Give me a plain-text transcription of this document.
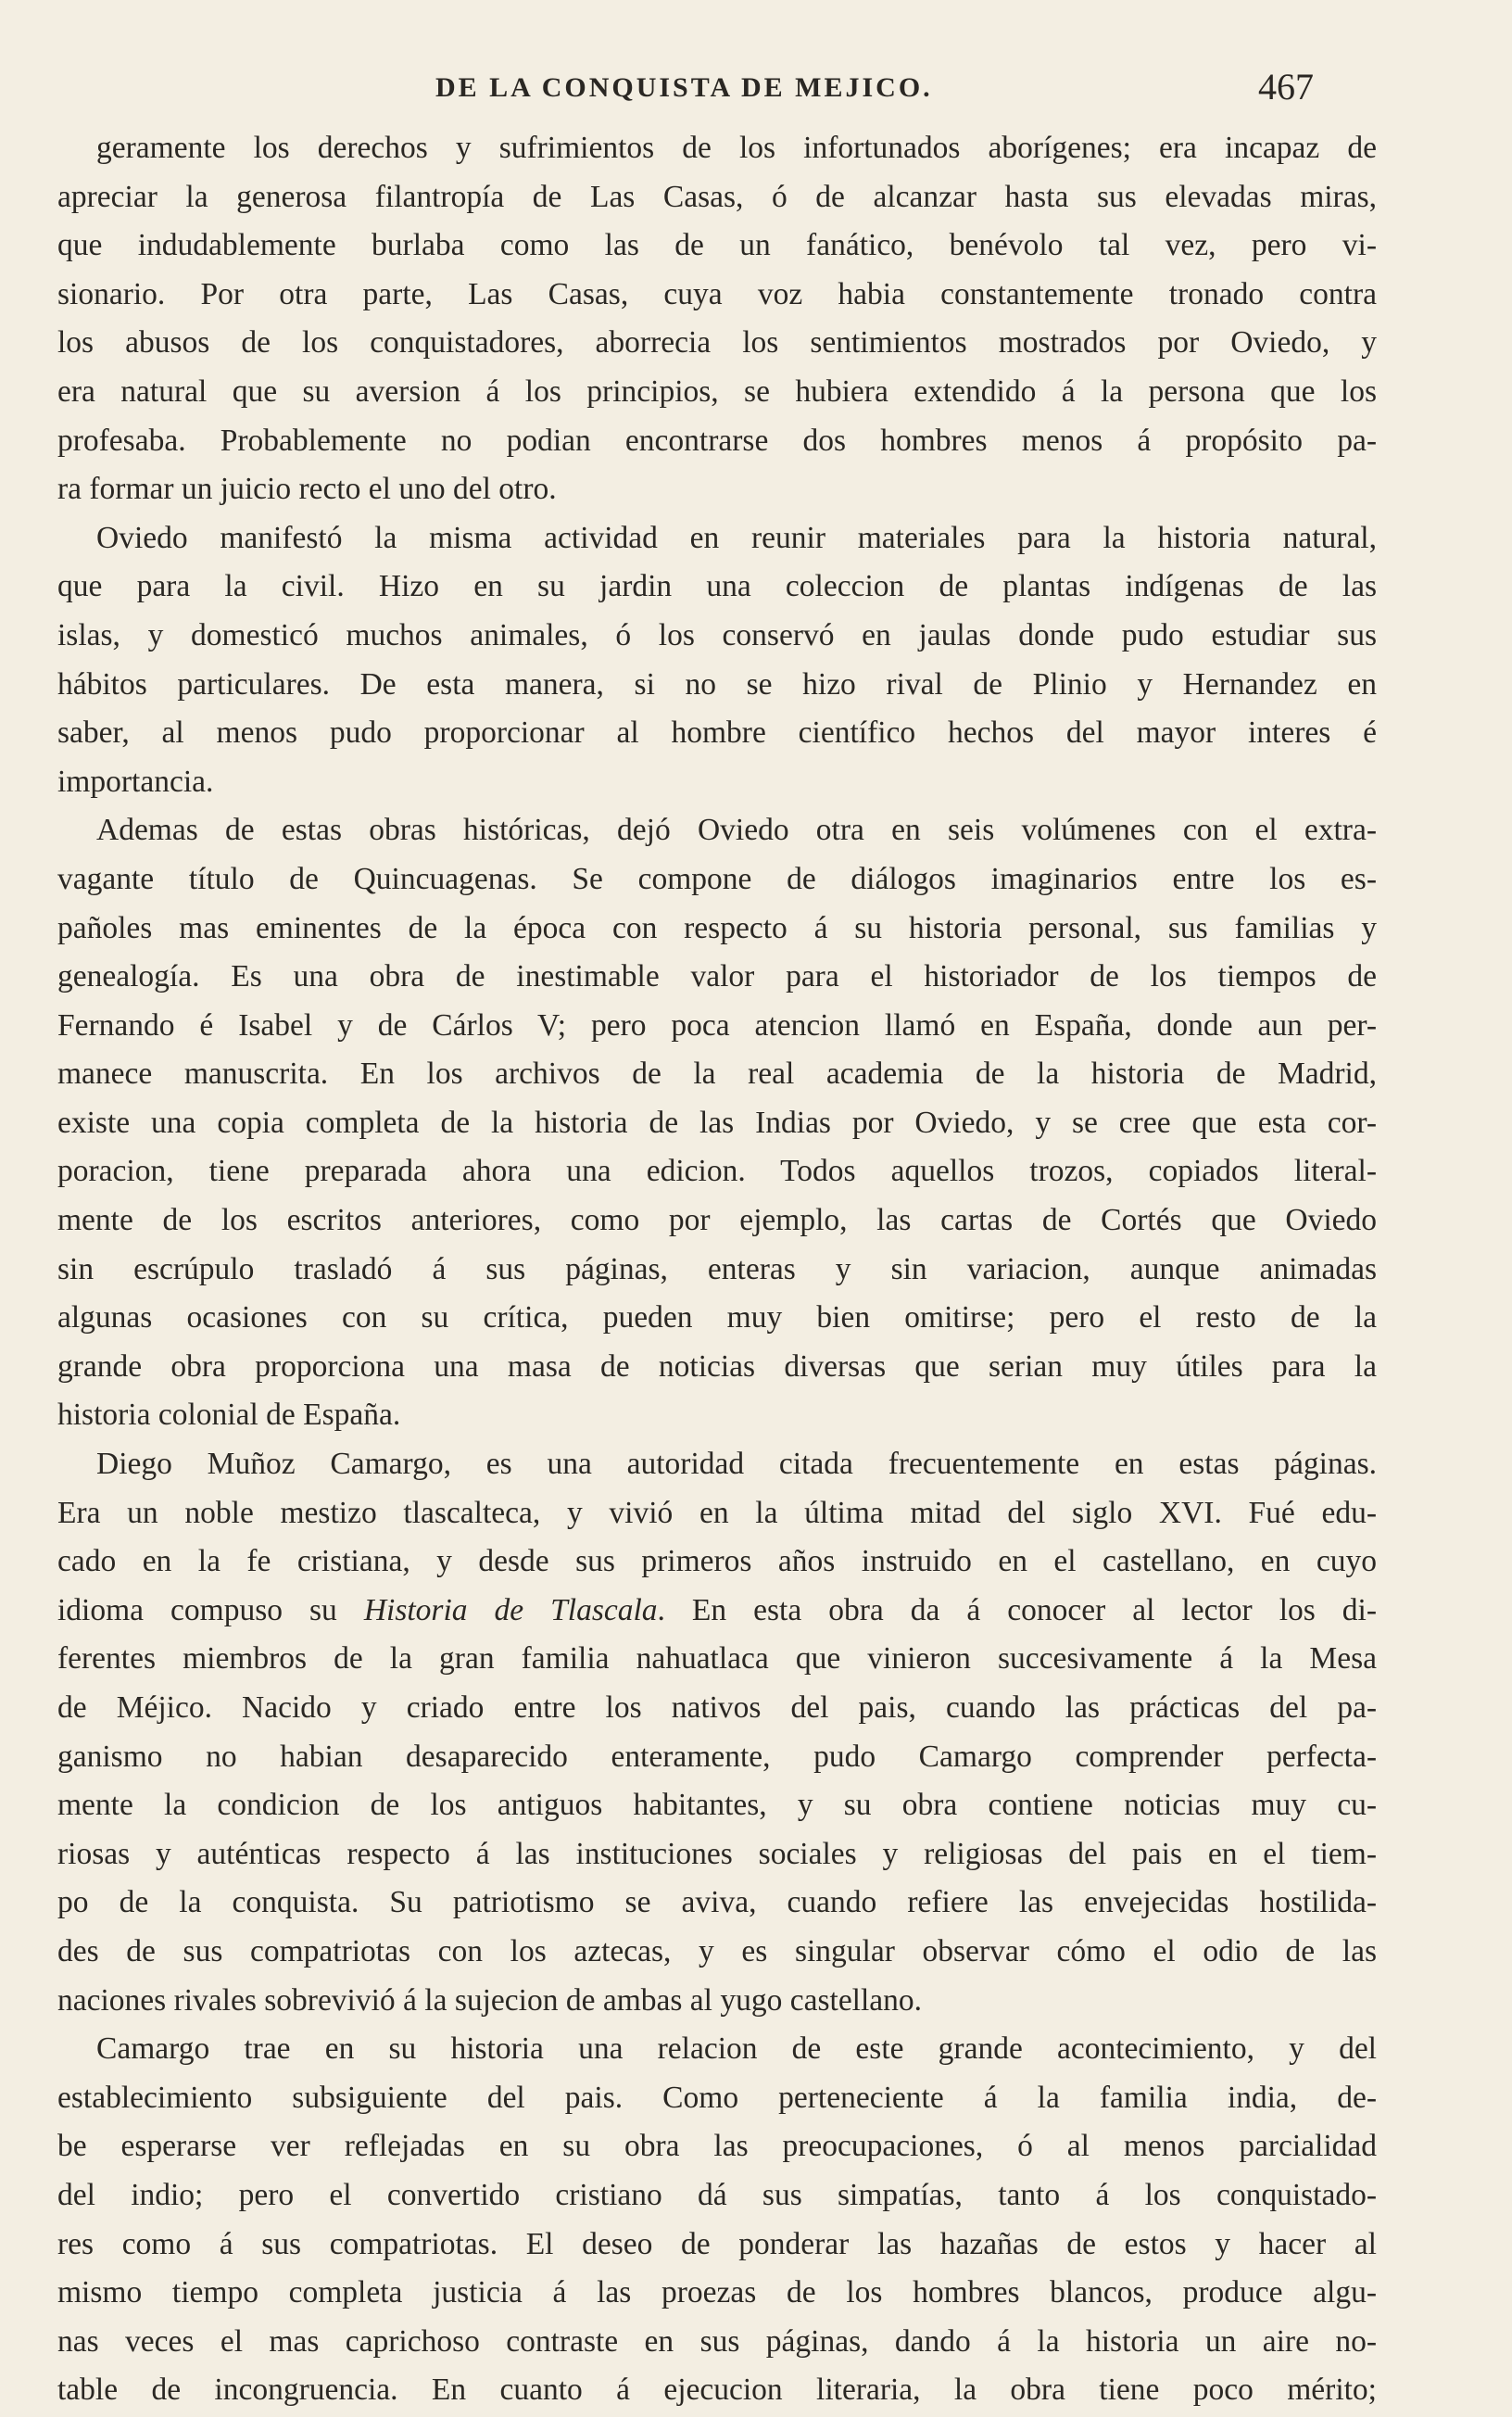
DE LA CONQUISTA DE MEJICO.	467
geramente los derechos y sufrimientos de los infortunados aborígenes; era incapaz de
apreciar la generosa filantropía de Las Casas, ó de alcanzar hasta sus elevadas miras,
que indudablemente burlaba como las de un fanático, benévolo tal vez, pero vi-
sionario. Por otra parte, Las Casas, cuya voz habia constantemente tronado contra
los abusos de los conquistadores, aborrecia los sentimientos mostrados por Oviedo, y
era natural que su aversion á los principios, se hubiera extendido á la persona que los
profesaba. Probablemente no podian encontrarse dos hombres menos á propósito pa-
ra formar un juicio recto el uno del otro.
Oviedo manifestó la misma actividad en reunir materiales para la historia natural,
que para la civil. Hizo en su jardin una coleccion de plantas indígenas de las
islas, y domesticó muchos animales, ó los conservó en jaulas donde pudo estudiar sus
hábitos particulares. De esta manera, si no se hizo rival de Plinio y Hernandez en
saber, al menos pudo proporcionar al hombre científico hechos del mayor interes é
importancia.
Ademas de estas obras históricas, dejó Oviedo otra en seis volúmenes con el extra-
vagante título de Quincuagenas. Se compone de diálogos imaginarios entre los es-
pañoles mas eminentes de la época con respecto á su historia personal, sus familias y
genealogía. Es una obra de inestimable valor para el historiador de los tiempos de
Fernando é Isabel y de Cárlos V; pero poca atencion llamó en España, donde aun per-
manece manuscrita. En los archivos de la real academia de la historia de Madrid,
existe una copia completa de la historia de las Indias por Oviedo, y se cree que esta cor-
poracion, tiene preparada ahora una edicion. Todos aquellos trozos, copiados literal-
mente de los escritos anteriores, como por ejemplo, las cartas de Cortés que Oviedo
sin escrúpulo trasladó á sus páginas, enteras y sin variacion, aunque animadas
algunas ocasiones con su crítica, pueden muy bien omitirse; pero el resto de la
grande obra proporciona una masa de noticias diversas que serian muy útiles para la
historia colonial de España.
Diego Muñoz Camargo, es una autoridad citada frecuentemente en estas páginas.
Era un noble mestizo tlascalteca, y vivió en la última mitad del siglo XVI. Fué edu-
cado en la fe cristiana, y desde sus primeros años instruido en el castellano, en cuyo
idioma compuso su Historia de Tlascala. En esta obra da á conocer al lector los di-
ferentes miembros de la gran familia nahuatlaca que vinieron succesivamente á la Mesa
de Méjico. Nacido y criado entre los nativos del pais, cuando las prácticas del pa-
ganismo no habian desaparecido enteramente, pudo Camargo comprender perfecta-
mente la condicion de los antiguos habitantes, y su obra contiene noticias muy cu-
riosas y auténticas respecto á las instituciones sociales y religiosas del pais en el tiem-
po de la conquista. Su patriotismo se aviva, cuando refiere las envejecidas hostilida-
des de sus compatriotas con los aztecas, y es singular observar cómo el odio de las
naciones rivales sobrevivió á la sujecion de ambas al yugo castellano.
Camargo trae en su historia una relacion de este grande acontecimiento, y del
establecimiento subsiguiente del pais. Como perteneciente á la familia india, de-
be esperarse ver reflejadas en su obra las preocupaciones, ó al menos parcialidad
del indio; pero el convertido cristiano dá sus simpatías, tanto á los conquistado-
res como á sus compatriotas. El deseo de ponderar las hazañas de estos y hacer al
mismo tiempo completa justicia á las proezas de los hombres blancos, produce algu-
nas veces el mas caprichoso contraste en sus páginas, dando á la historia un aire no-
table de incongruencia. En cuanto á ejecucion literaria, la obra tiene poco mérito;
